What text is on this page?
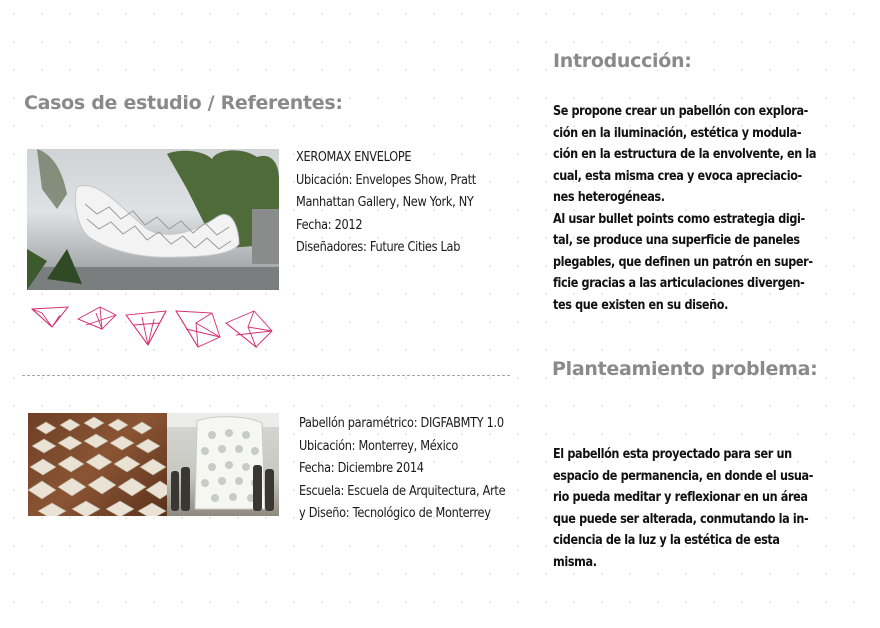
Casos de estudio / Referentes:
XEROMAX ENVELOPE
Ubicación: Envelopes Show, Pratt
Manhattan Gallery, New York, NY
Fecha: 2012
Diseñadores: Future Cities Lab
Pabellón paramétrico: DIGFABMTY 1.0
Ubicación: Monterrey, México
Fecha: Diciembre 2014
Escuela: Escuela de Arquitectura, Arte
y Diseño: Tecnológico de Monterrey
Introducción:
Se propone crear un pabellón con explora-
ción en la iluminación, estética y modula-
ción en la estructura de la envolvente, en la
cual, esta misma crea y evoca apreciacio-
nes heterogéneas.
Al usar bullet points como estrategia digi-
tal, se produce una superficie de paneles
plegables, que definen un patrón en super-
ficie gracias a las articulaciones divergen-
tes que existen en su diseño.
Planteamiento problema:
El pabellón esta proyectado para ser un
espacio de permanencia, en donde el usua-
rio pueda meditar y reflexionar en un área
que puede ser alterada, conmutando la in-
cidencia de la luz y la estética de esta
misma.
